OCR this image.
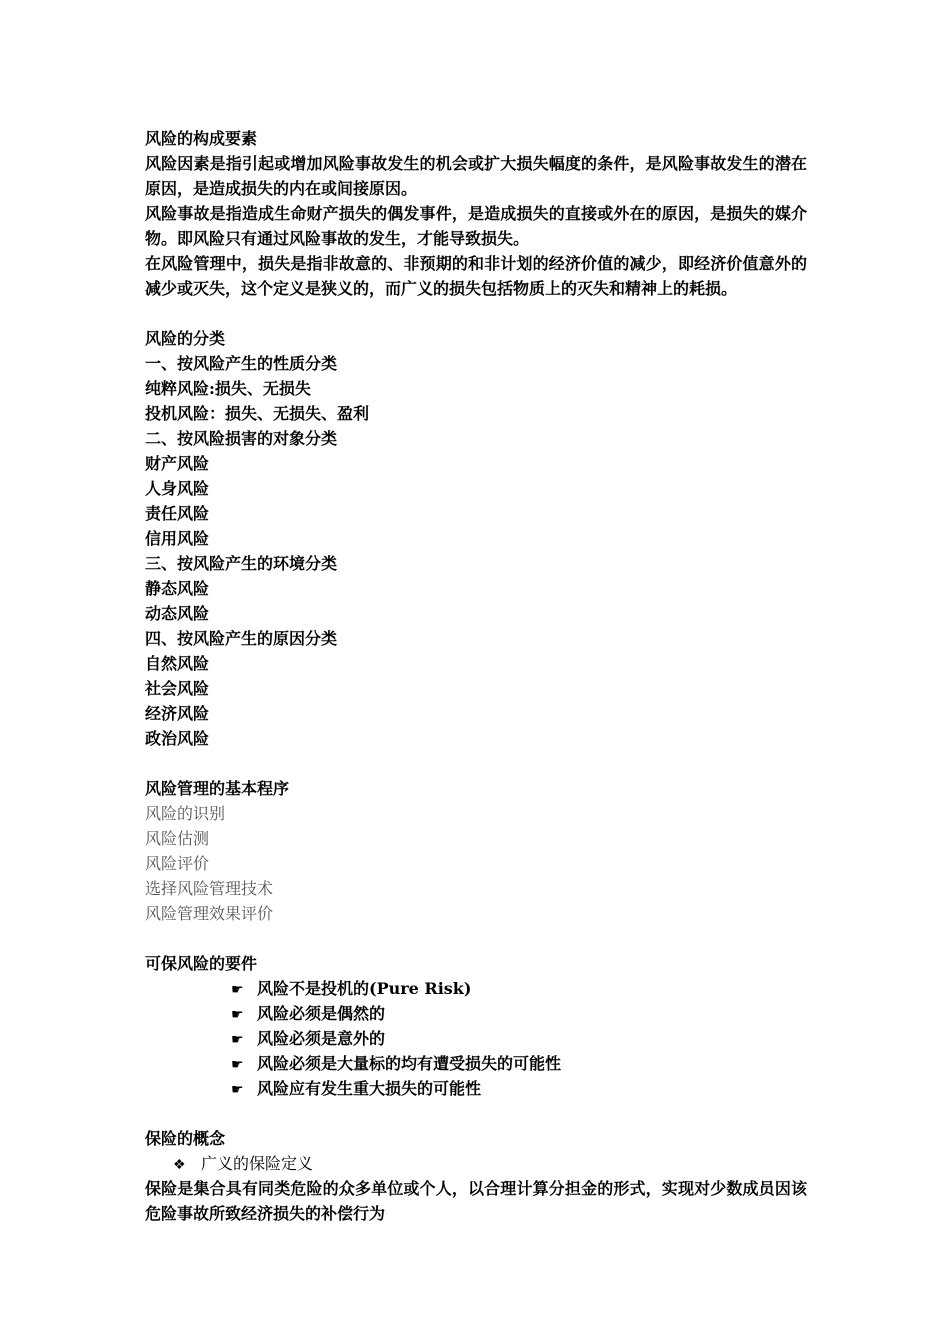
风险的构成要素
风险因素是指引起或增加风险事故发生的机会或扩大损失幅度的条件，是风险事故发生的潜在原因，是造成损失的内在或间接原因。
风险事故是指造成生命财产损失的偶发事件，是造成损失的直接或外在的原因，是损失的媒介物。即风险只有通过风险事故的发生，才能导致损失。
在风险管理中，损失是指非故意的、非预期的和非计划的经济价值的减少，即经济价值意外的减少或灭失，这个定义是狭义的，而广义的损失包括物质上的灭失和精神上的耗损。
风险的分类
一、按风险产生的性质分类
纯粹风险:损失、无损失
投机风险：损失、无损失、盈利
二、按风险损害的对象分类
财产风险
人身风险
责任风险
信用风险
三、按风险产生的环境分类
静态风险
动态风险
四、按风险产生的原因分类
自然风险
社会风险
经济风险
政治风险
风险管理的基本程序
风险的识别
风险估测
风险评价
选择风险管理技术
风险管理效果评价
可保风险的要件
☛ 风险不是投机的(Pure Risk)
☛ 风险必须是偶然的
☛ 风险必须是意外的
☛ 风险必须是大量标的均有遭受损失的可能性
☛ 风险应有发生重大损失的可能性
保险的概念
❖ 广义的保险定义
保险是集合具有同类危险的众多单位或个人，以合理计算分担金的形式，实现对少数成员因该危险事故所致经济损失的补偿行为
